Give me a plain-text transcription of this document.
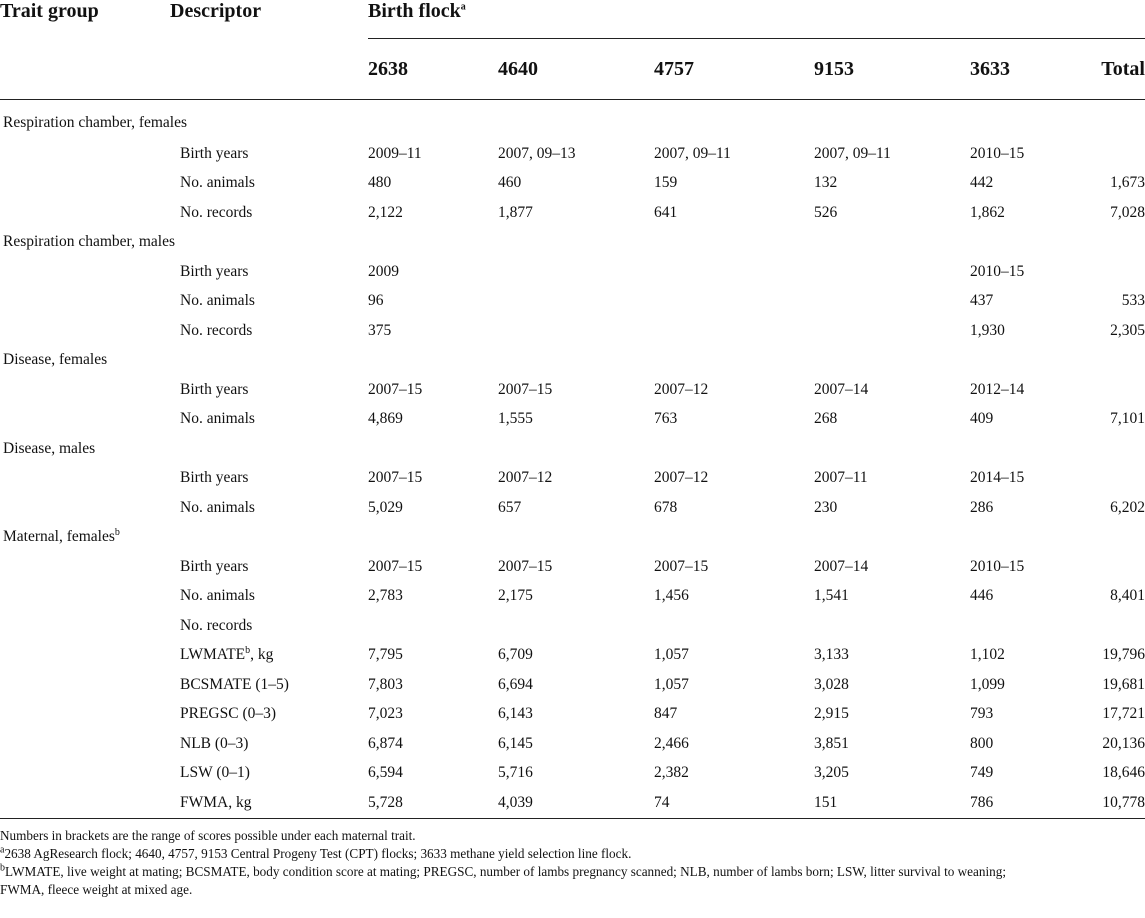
Trait group	Descriptor	Birth flock$^a$
		2638	4640	4757	9153	3633	Total
Respiration chamber, females							
	Birth years	2009–11	2007, 09–13	2007, 09–11	2007, 09–11	2010–15	
	No. animals	480	460	159	132	442	1,673
	No. records	2,122	1,877	641	526	1,862	7,028
Respiration chamber, males							
	Birth years	2009				2010–15	
	No. animals	96				437	533
	No. records	375				1,930	2,305
Disease, females							
	Birth years	2007–15	2007–15	2007–12	2007–14	2012–14	
	No. animals	4,869	1,555	763	268	409	7,101
Disease, males							
	Birth years	2007–15	2007–12	2007–12	2007–11	2014–15	
	No. animals	5,029	657	678	230	286	6,202
Maternal, females$^b$
	Birth years	2007–15	2007–15	2007–15	2007–14	2010–15	
	No. animals	2,783	2,175	1,456	1,541	446	8,401
	No. records						
	LWMATE$^b$, kg	7,795	6,709	1,057	3,133	1,102	19,796
	BCSMATE (1–5)	7,803	6,694	1,057	3,028	1,099	19,681
	PREGSC (0–3)	7,023	6,143	847	2,915	793	17,721
	NLB (0–3)	6,874	6,145	2,466	3,851	800	20,136
	LSW (0–1)	6,594	5,716	2,382	3,205	749	18,646
	FWMA, kg	5,728	4,039	74	151	786	10,778
Numbers in brackets are the range of scores possible under each maternal trait.
$^a$2638 AgResearch flock; 4640, 4757, 9153 Central Progeny Test (CPT) flocks; 3633 methane yield selection line flock.
$^b$LWMATE, live weight at mating; BCSMATE, body condition score at mating; PREGSC, number of lambs pregnancy scanned; NLB, number of lambs born; LSW, litter survival to weaning;
FWMA, fleece weight at mixed age.
